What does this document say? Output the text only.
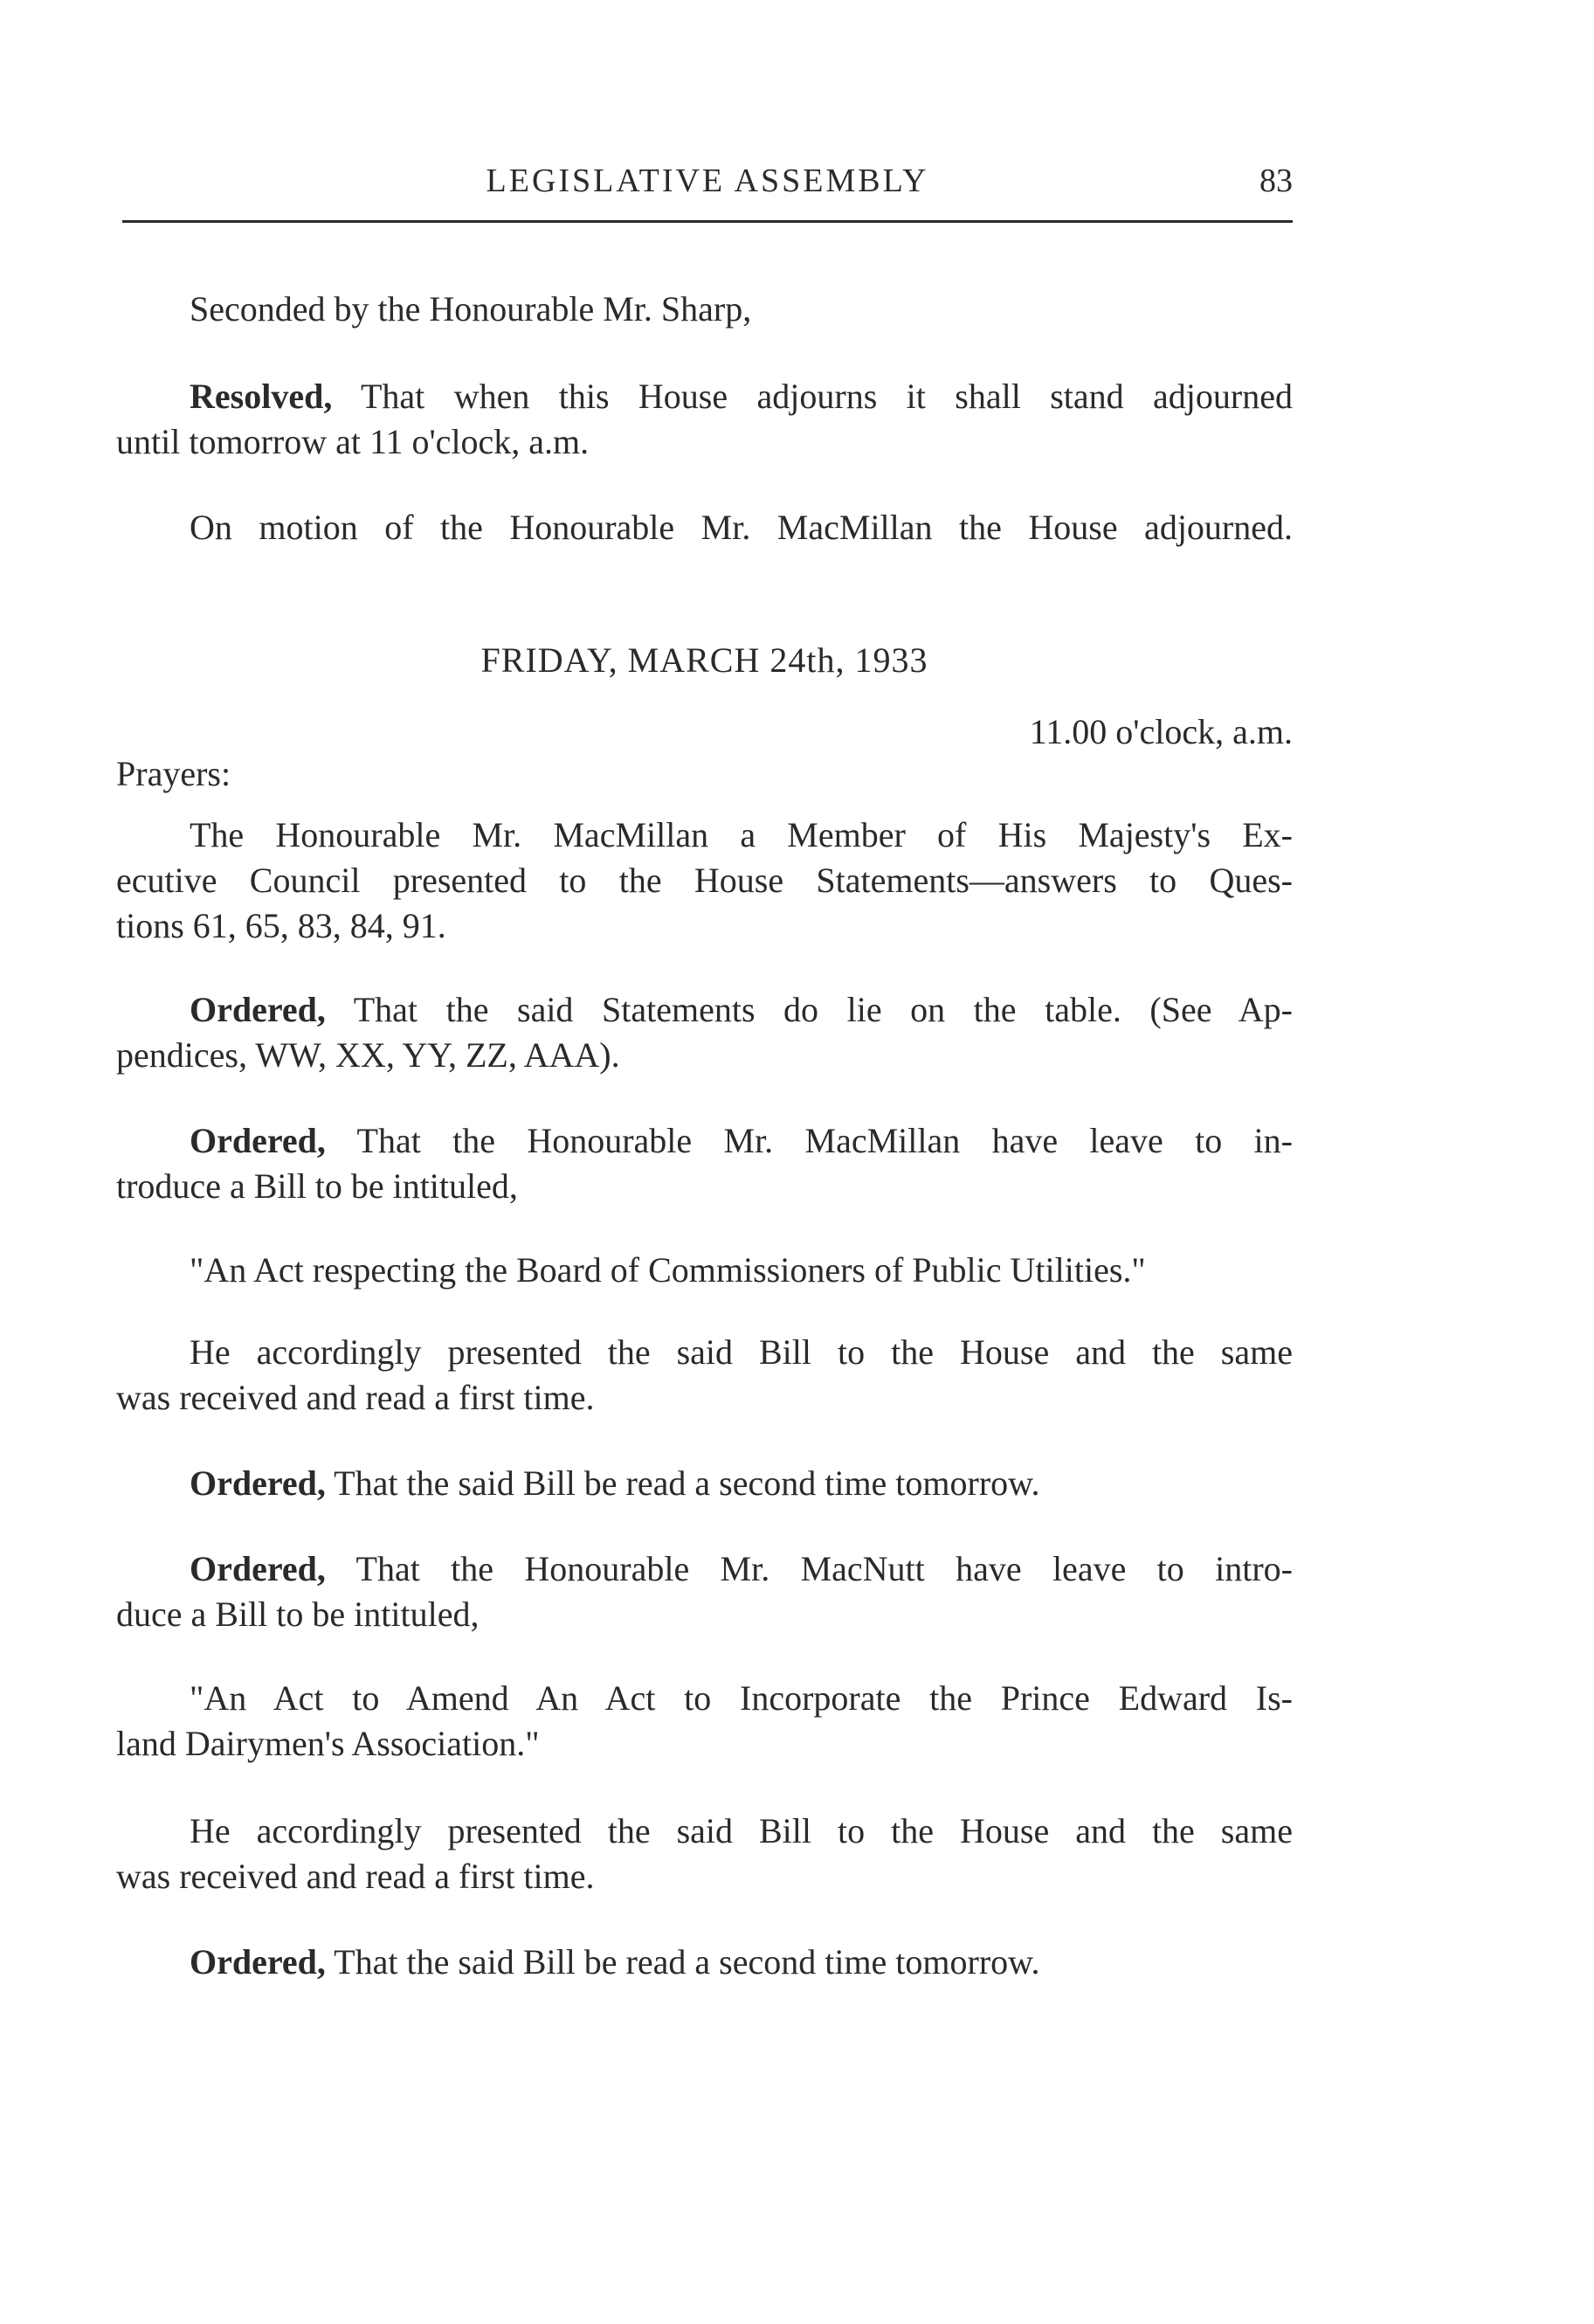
LEGISLATIVE ASSEMBLY	83
Seconded by the Honourable Mr. Sharp,
Resolved, That when this House adjourns it shall stand adjourned
until tomorrow at 11 o'clock, a.m.
On motion of the Honourable Mr. MacMillan the House adjourned.
FRIDAY, MARCH 24th, 1933
11.00 o'clock, a.m.
Prayers:
The Honourable Mr. MacMillan a Member of His Majesty's Ex-
ecutive Council presented to the House Statements—answers to Ques-
tions 61, 65, 83, 84, 91.
Ordered, That the said Statements do lie on the table. (See Ap-
pendices, WW, XX, YY, ZZ, AAA).
Ordered, That the Honourable Mr. MacMillan have leave to in-
troduce a Bill to be intituled,
"An Act respecting the Board of Commissioners of Public Utilities."
He accordingly presented the said Bill to the House and the same
was received and read a first time.
Ordered, That the said Bill be read a second time tomorrow.
Ordered, That the Honourable Mr. MacNutt have leave to intro-
duce a Bill to be intituled,
"An Act to Amend An Act to Incorporate the Prince Edward Is-
land Dairymen's Association."
He accordingly presented the said Bill to the House and the same
was received and read a first time.
Ordered, That the said Bill be read a second time tomorrow.
